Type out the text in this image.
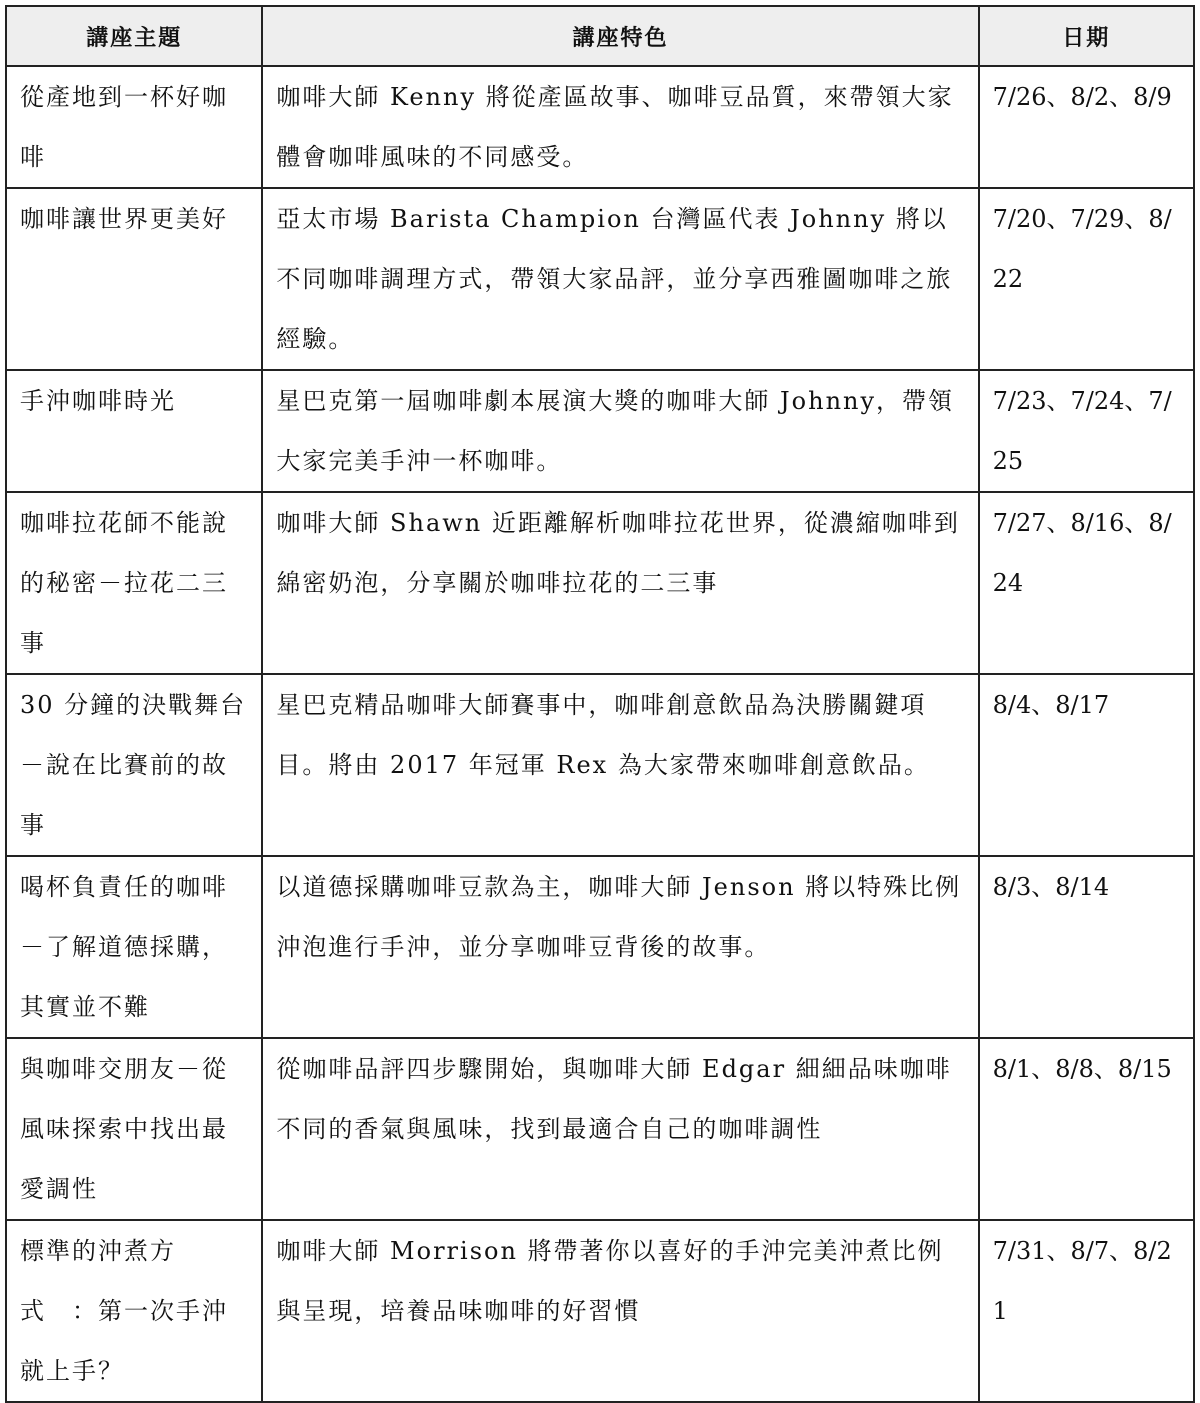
講座主題	講座特色	日期

從產地到一杯好咖啡	咖啡大師 Kenny 將從產區故事、咖啡豆品質，來帶領大家體會咖啡風味的不同感受。	7/26、8/2、8/9

咖啡讓世界更美好	亞太市場 Barista Champion 台灣區代表 Johnny 將以不同咖啡調理方式，帶領大家品評，並分享西雅圖咖啡之旅經驗。	7/20、7/29、8/22

手沖咖啡時光	星巴克第一屆咖啡劇本展演大獎的咖啡大師 Johnny，帶領大家完美手沖一杯咖啡。	7/23、7/24、7/25

咖啡拉花師不能說的秘密－拉花二三事	咖啡大師 Shawn 近距離解析咖啡拉花世界，從濃縮咖啡到綿密奶泡，分享關於咖啡拉花的二三事	7/27、8/16、8/24

30 分鐘的決戰舞台－說在比賽前的故事	星巴克精品咖啡大師賽事中，咖啡創意飲品為決勝關鍵項目。將由 2017 年冠軍 Rex 為大家帶來咖啡創意飲品。	8/4、8/17

喝杯負責任的咖啡－了解道德採購，其實並不難	以道德採購咖啡豆款為主，咖啡大師 Jenson 將以特殊比例沖泡進行手沖，並分享咖啡豆背後的故事。	8/3、8/14

與咖啡交朋友－從風味探索中找出最愛調性	從咖啡品評四步驟開始，與咖啡大師 Edgar 細細品味咖啡不同的香氣與風味，找到最適合自己的咖啡調性	8/1、8/8、8/15

標準的沖煮方式　：第一次手沖就上手？	咖啡大師 Morrison 將帶著你以喜好的手沖完美沖煮比例與呈現，培養品味咖啡的好習慣	7/31、8/7、8/21
